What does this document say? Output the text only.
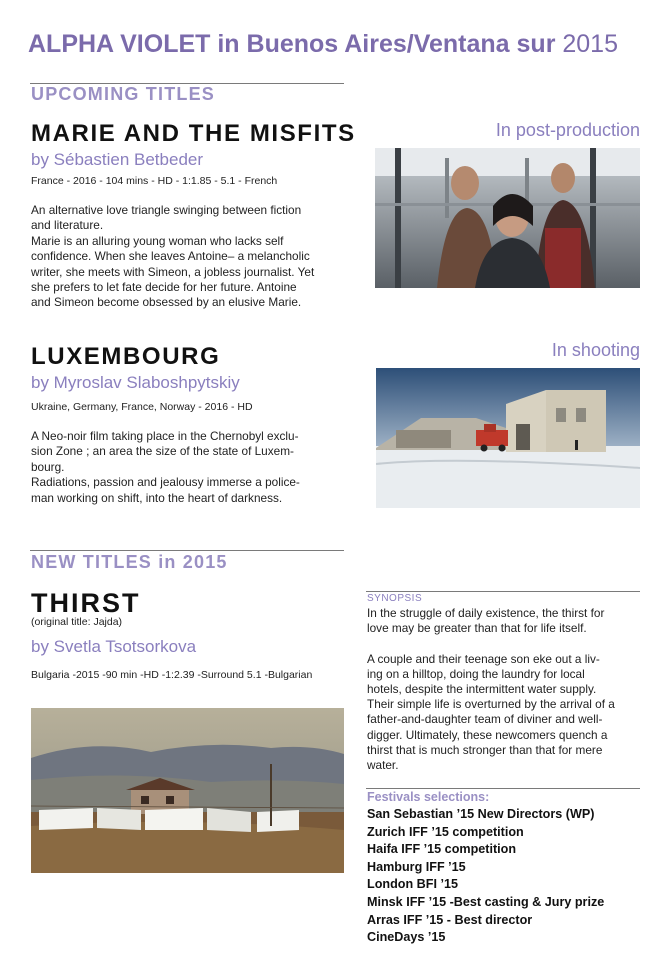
ALPHA VIOLET in Buenos Aires/Ventana sur 2015
UPCOMING TITLES
MARIE AND THE MISFITS
by Sébastien Betbeder
France - 2016 - 104 mins - HD - 1:1.85 - 5.1 - French
In post-production
An alternative love triangle swinging between fiction
and literature.
Marie is an alluring young woman who lacks self
confidence. When she leaves Antoine– a melancholic
writer, she meets with Simeon, a jobless journalist. Yet
she prefers to let fate decide for her future. Antoine
and Simeon become obsessed by an elusive Marie.
LUXEMBOURG
by Myroslav Slaboshpytskiy
Ukraine, Germany, France, Norway - 2016 - HD
In shooting
A Neo-noir film taking place in the Chernobyl exclu-
sion Zone ; an area the size of the state of Luxem-
bourg.
Radiations, passion and jealousy immerse a police-
man working on shift, into the heart of darkness.
NEW TITLES in 2015
THIRST
(original title: Jajda)
by Svetla Tsotsorkova
Bulgaria -2015 -90 min -HD -1:2.39 -Surround 5.1 -Bulgarian
SYNOPSIS
In the struggle of daily existence, the thirst for
love may be greater than that for life itself.
A couple and their teenage son eke out a liv-
ing on a hilltop, doing the laundry for local
hotels, despite the intermittent water supply.
Their simple life is overturned by the arrival of a
father-and-daughter team of diviner and well-
digger. Ultimately, these newcomers quench a
thirst that is much stronger than that for mere
water.
Festivals selections:
San Sebastian ’15 New Directors (WP)
Zurich IFF ’15 competition
Haifa IFF ’15 competition
Hamburg IFF ’15
London BFI ’15
Minsk IFF ’15 -Best casting & Jury prize
Arras IFF ’15 - Best director
CineDays ’15
